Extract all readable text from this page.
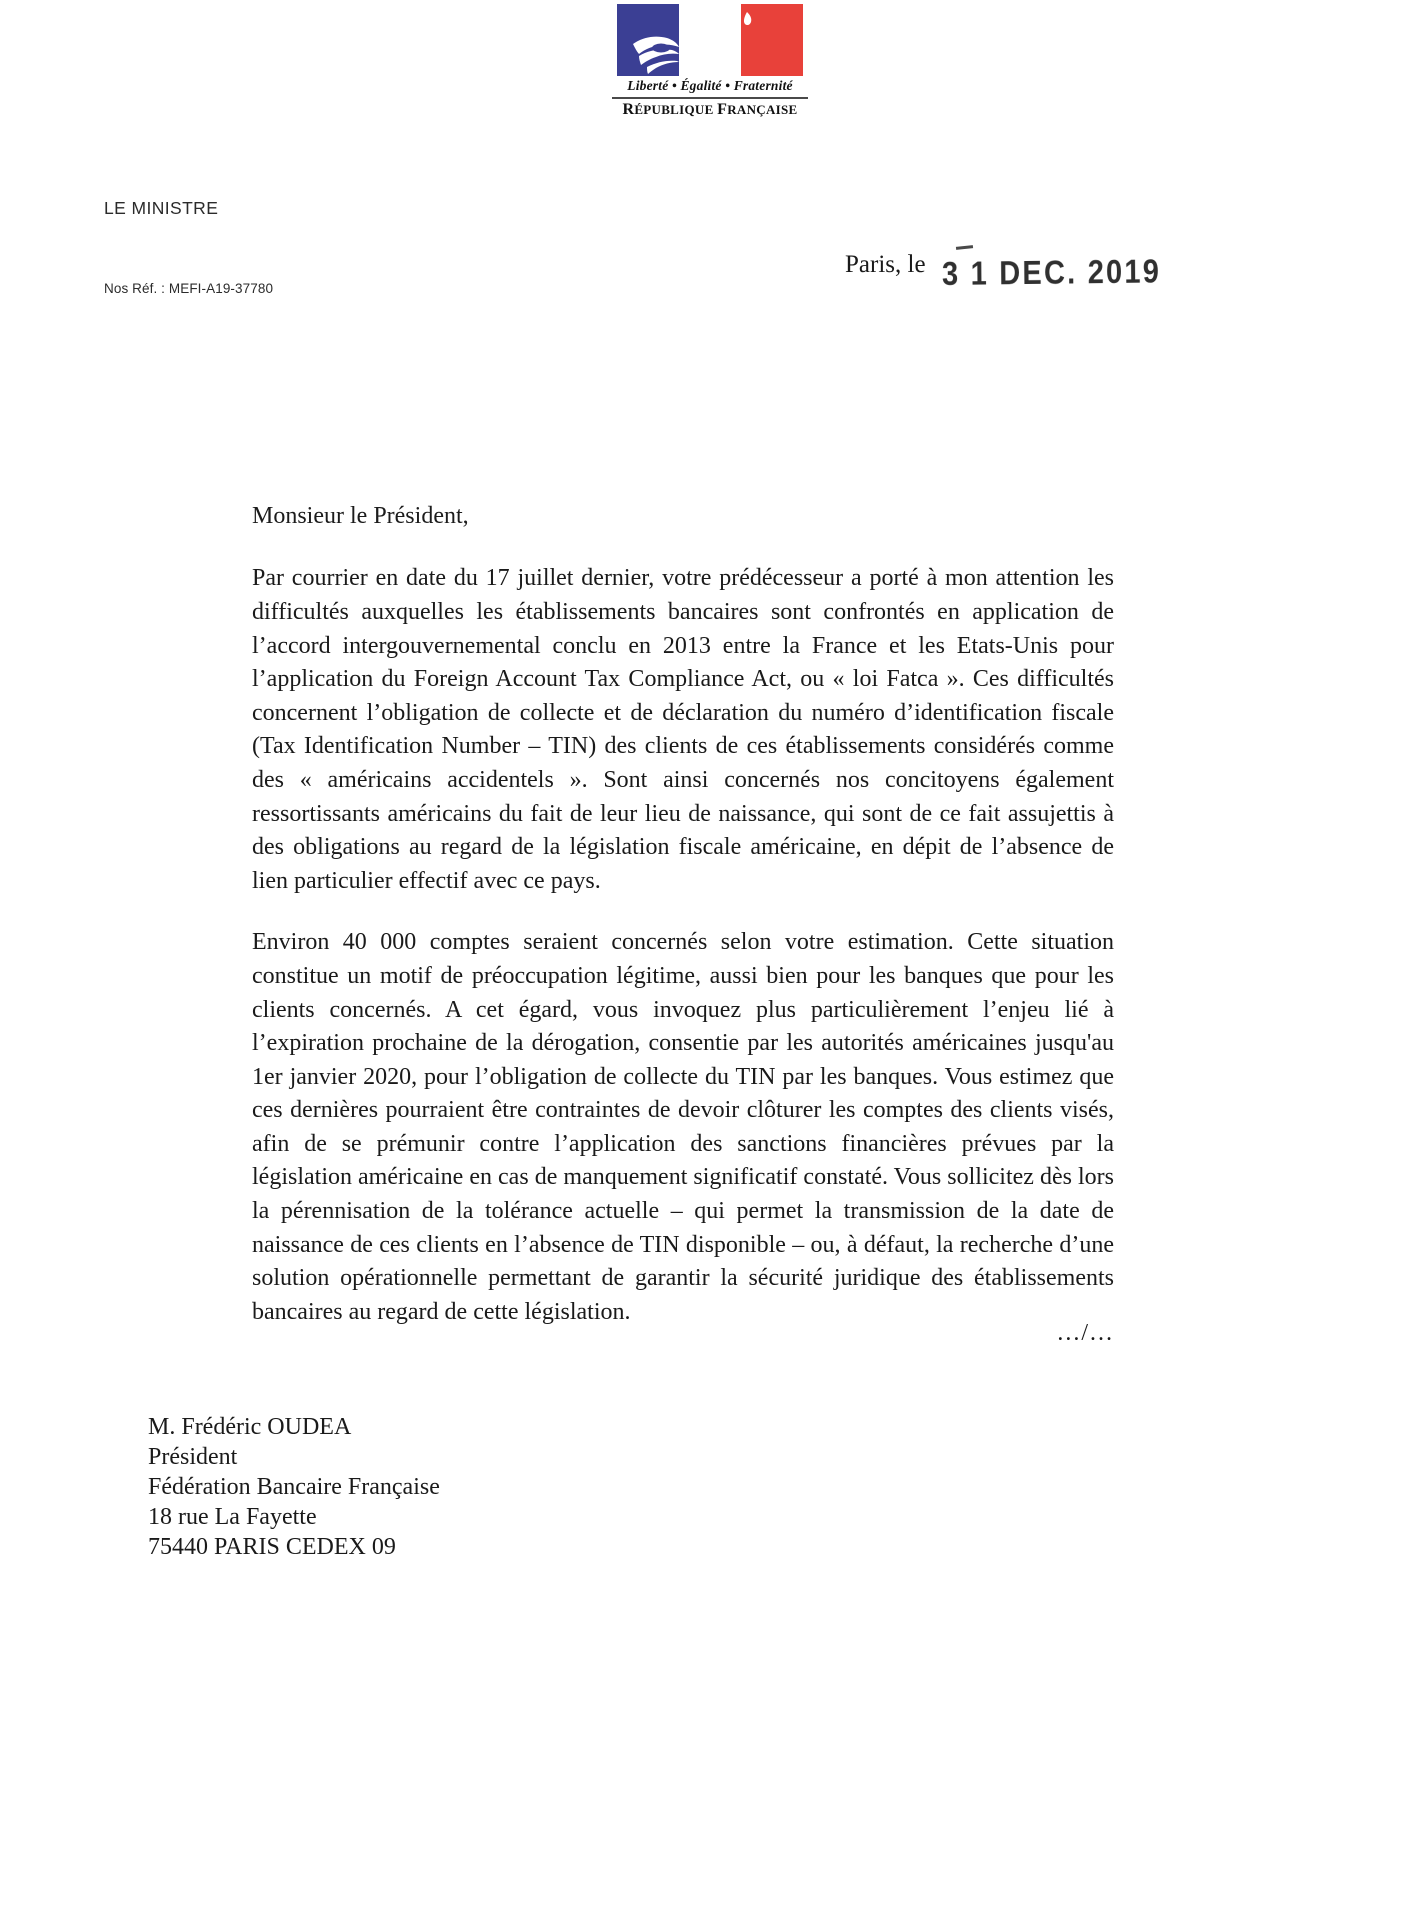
Liberté • Égalité • Fraternité
RÉPUBLIQUE FRANÇAISE
LE MINISTRE
Nos Réf. : MEFI-A19-37780
Paris, le 3 1 DEC. 2019
Monsieur le Président,

Par courrier en date du 17 juillet dernier, votre prédécesseur a porté à mon attention les difficultés auxquelles les établissements bancaires sont confrontés en application de l’accord intergouvernemental conclu en 2013 entre la France et les Etats-Unis pour l’application du Foreign Account Tax Compliance Act, ou « loi Fatca ». Ces difficultés concernent l’obligation de collecte et de déclaration du numéro d’identification fiscale (Tax Identification Number – TIN) des clients de ces établissements considérés comme des « américains accidentels ». Sont ainsi concernés nos concitoyens également ressortissants américains du fait de leur lieu de naissance, qui sont de ce fait assujettis à des obligations au regard de la législation fiscale américaine, en dépit de l’absence de lien particulier effectif avec ce pays.

Environ 40 000 comptes seraient concernés selon votre estimation. Cette situation constitue un motif de préoccupation légitime, aussi bien pour les banques que pour les clients concernés. A cet égard, vous invoquez plus particulièrement l’enjeu lié à l’expiration prochaine de la dérogation, consentie par les autorités américaines jusqu'au 1er janvier 2020, pour l’obligation de collecte du TIN par les banques. Vous estimez que ces dernières pourraient être contraintes de devoir clôturer les comptes des clients visés, afin de se prémunir contre l’application des sanctions financières prévues par la législation américaine en cas de manquement significatif constaté. Vous sollicitez dès lors la pérennisation de la tolérance actuelle – qui permet la transmission de la date de naissance de ces clients en l’absence de TIN disponible – ou, à défaut, la recherche d’une solution opérationnelle permettant de garantir la sécurité juridique des établissements bancaires au regard de cette législation.

…/…
M. Frédéric OUDEA
Président
Fédération Bancaire Française
18 rue La Fayette
75440 PARIS CEDEX 09
